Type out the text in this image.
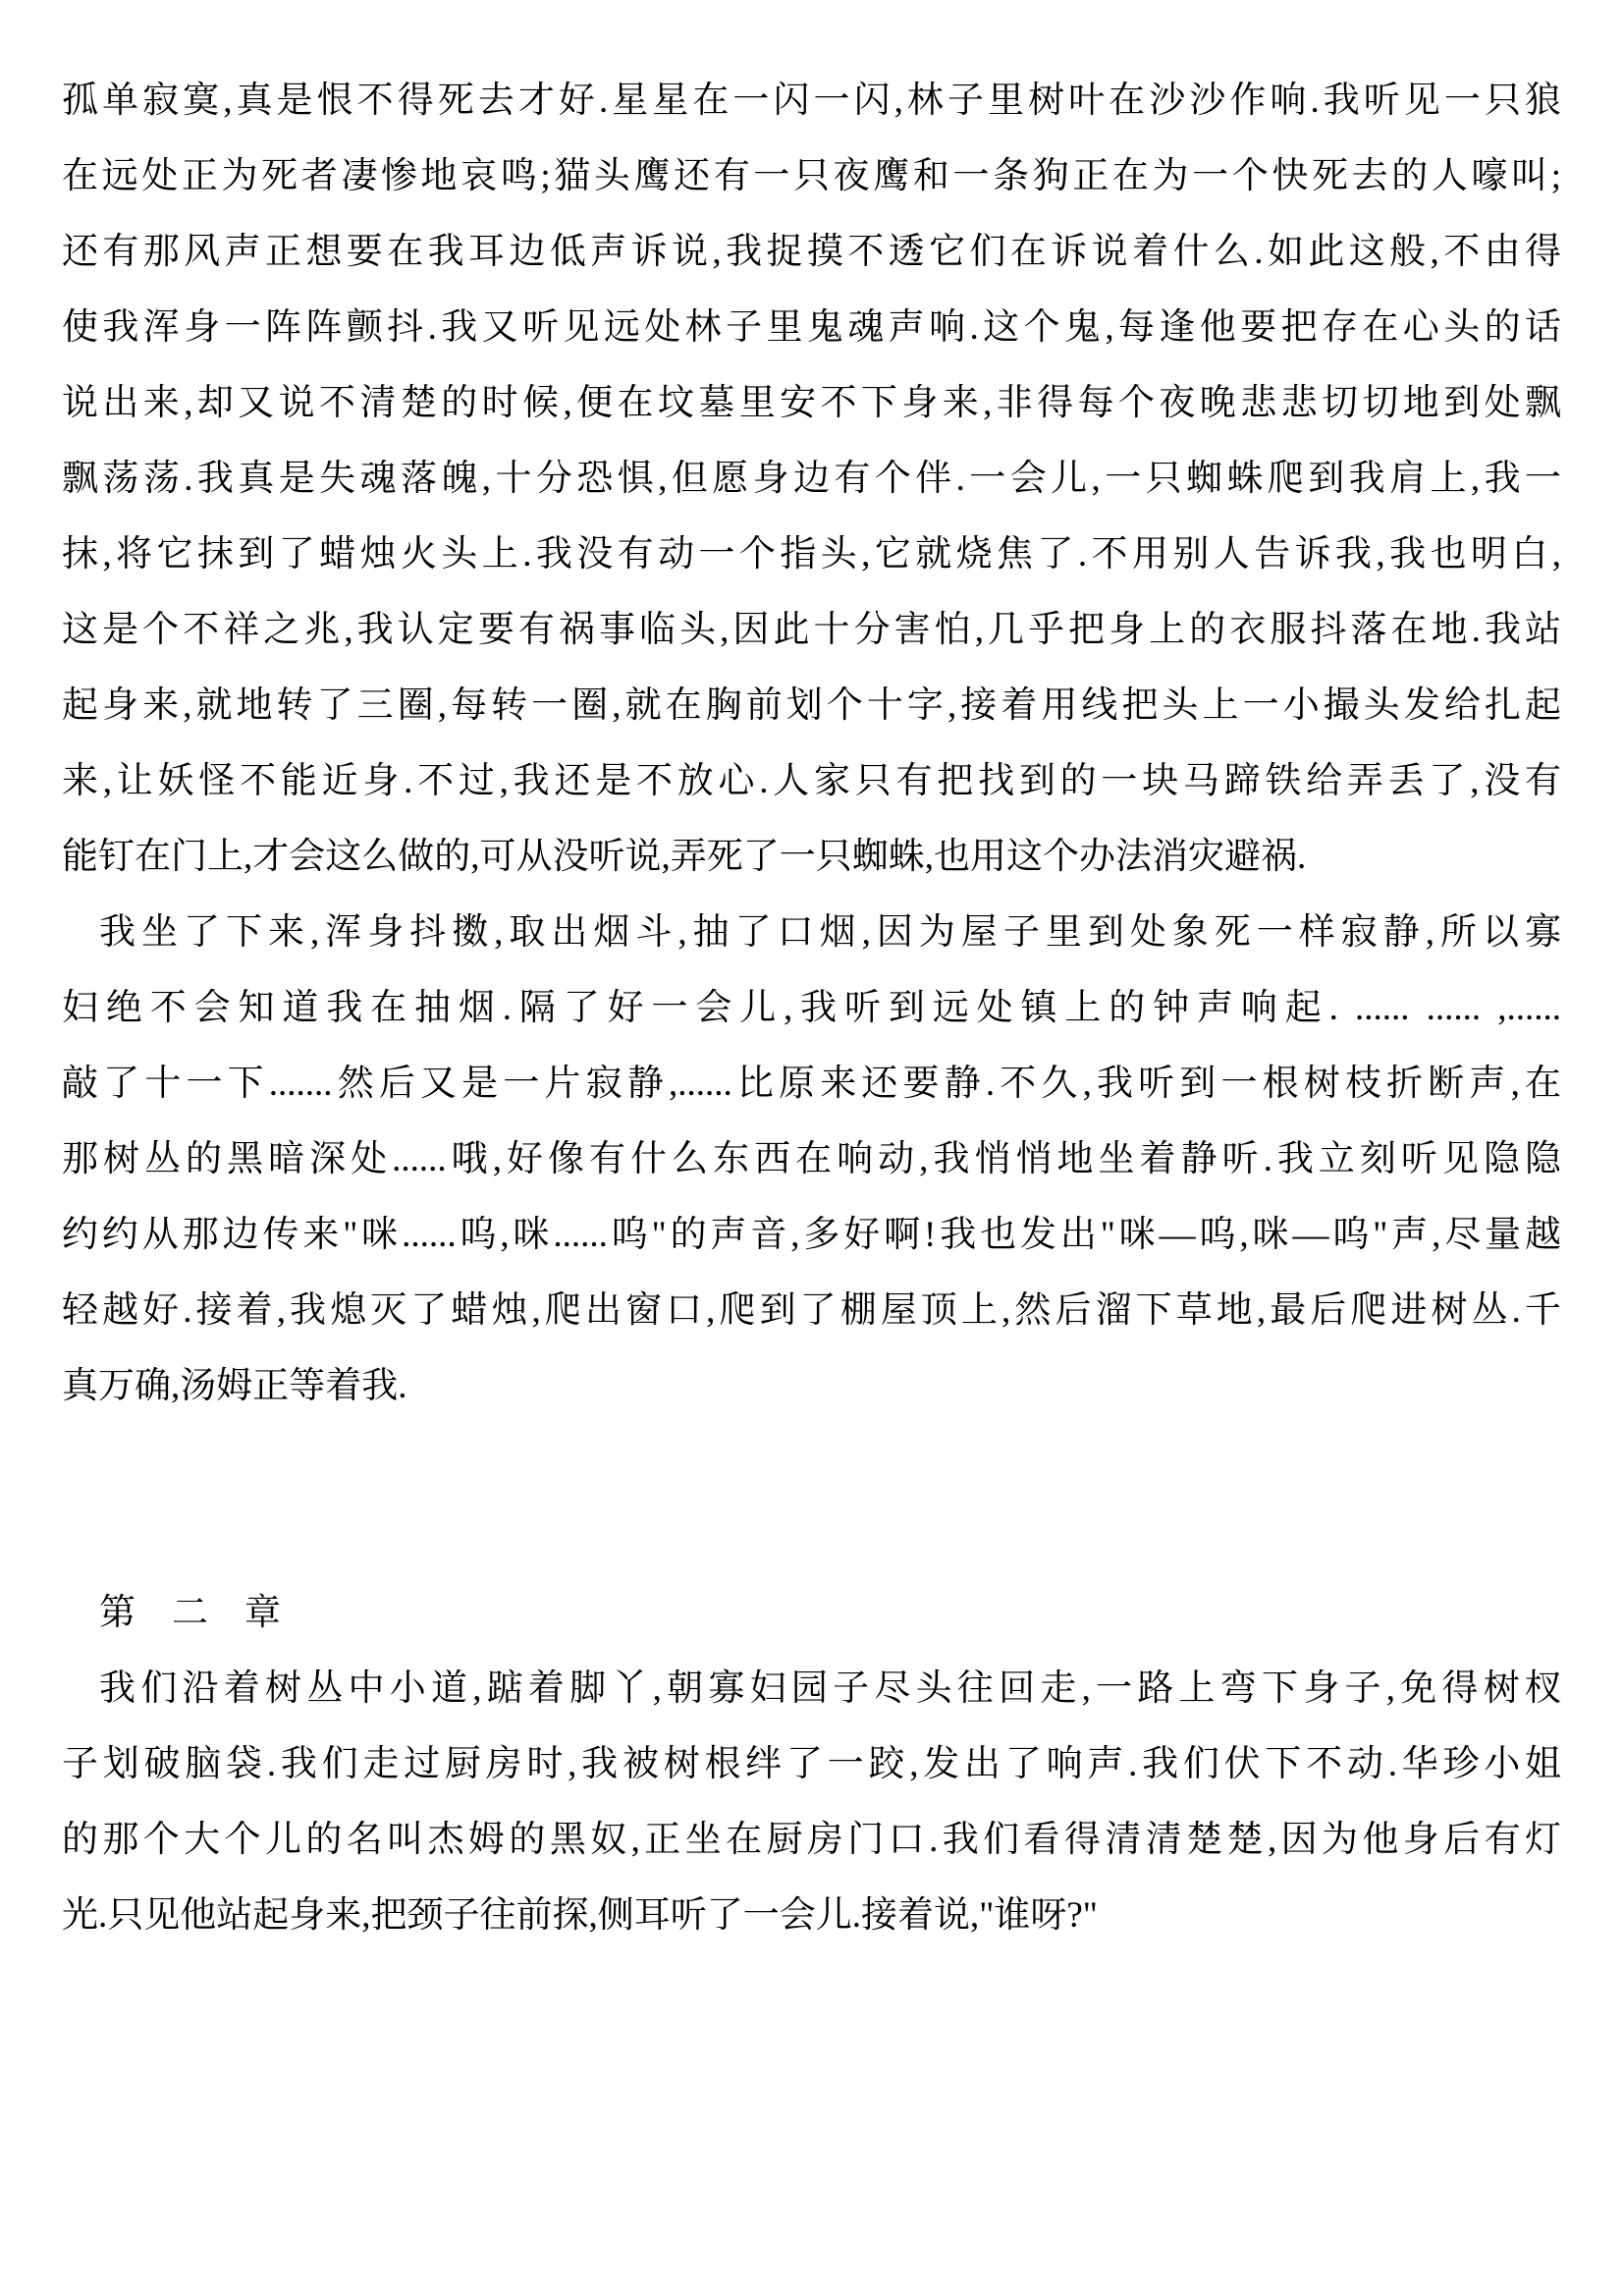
孤单寂寞,真是恨不得死去才好.星星在一闪一闪,林子里树叶在沙沙作响.我听见一只狼
在远处正为死者凄惨地哀鸣;猫头鹰还有一只夜鹰和一条狗正在为一个快死去的人嚎叫;
还有那风声正想要在我耳边低声诉说,我捉摸不透它们在诉说着什么.如此这般,不由得
使我浑身一阵阵颤抖.我又听见远处林子里鬼魂声响.这个鬼,每逢他要把存在心头的话
说出来,却又说不清楚的时候,便在坟墓里安不下身来,非得每个夜晚悲悲切切地到处飘
飘荡荡.我真是失魂落魄,十分恐惧,但愿身边有个伴.一会儿,一只蜘蛛爬到我肩上,我一
抹,将它抹到了蜡烛火头上.我没有动一个指头,它就烧焦了.不用别人告诉我,我也明白,
这是个不祥之兆,我认定要有祸事临头,因此十分害怕,几乎把身上的衣服抖落在地.我站
起身来,就地转了三圈,每转一圈,就在胸前划个十字,接着用线把头上一小撮头发给扎起
来,让妖怪不能近身.不过,我还是不放心.人家只有把找到的一块马蹄铁给弄丢了,没有
能钉在门上,才会这么做的,可从没听说,弄死了一只蜘蛛,也用这个办法消灾避祸.
我坐了下来,浑身抖擞,取出烟斗,抽了口烟,因为屋子里到处象死一样寂静,所以寡
妇绝不会知道我在抽烟.隔了好一会儿,我听到远处镇上的钟声响起. ...... ...... ,......
敲了十一下.......然后又是一片寂静,......比原来还要静.不久,我听到一根树枝折断声,在
那树丛的黑暗深处......哦,好像有什么东西在响动,我悄悄地坐着静听.我立刻听见隐隐
约约从那边传来"咪......呜,咪......呜"的声音,多好啊!我也发出"咪—呜,咪—呜"声,尽量越
轻越好.接着,我熄灭了蜡烛,爬出窗口,爬到了棚屋顶上,然后溜下草地,最后爬进树丛.千
真万确,汤姆正等着我.
第　二　章
我们沿着树丛中小道,踮着脚丫,朝寡妇园子尽头往回走,一路上弯下身子,免得树杈
子划破脑袋.我们走过厨房时,我被树根绊了一跤,发出了响声.我们伏下不动.华珍小姐
的那个大个儿的名叫杰姆的黑奴,正坐在厨房门口.我们看得清清楚楚,因为他身后有灯
光.只见他站起身来,把颈子往前探,侧耳听了一会儿.接着说,"谁呀?"
